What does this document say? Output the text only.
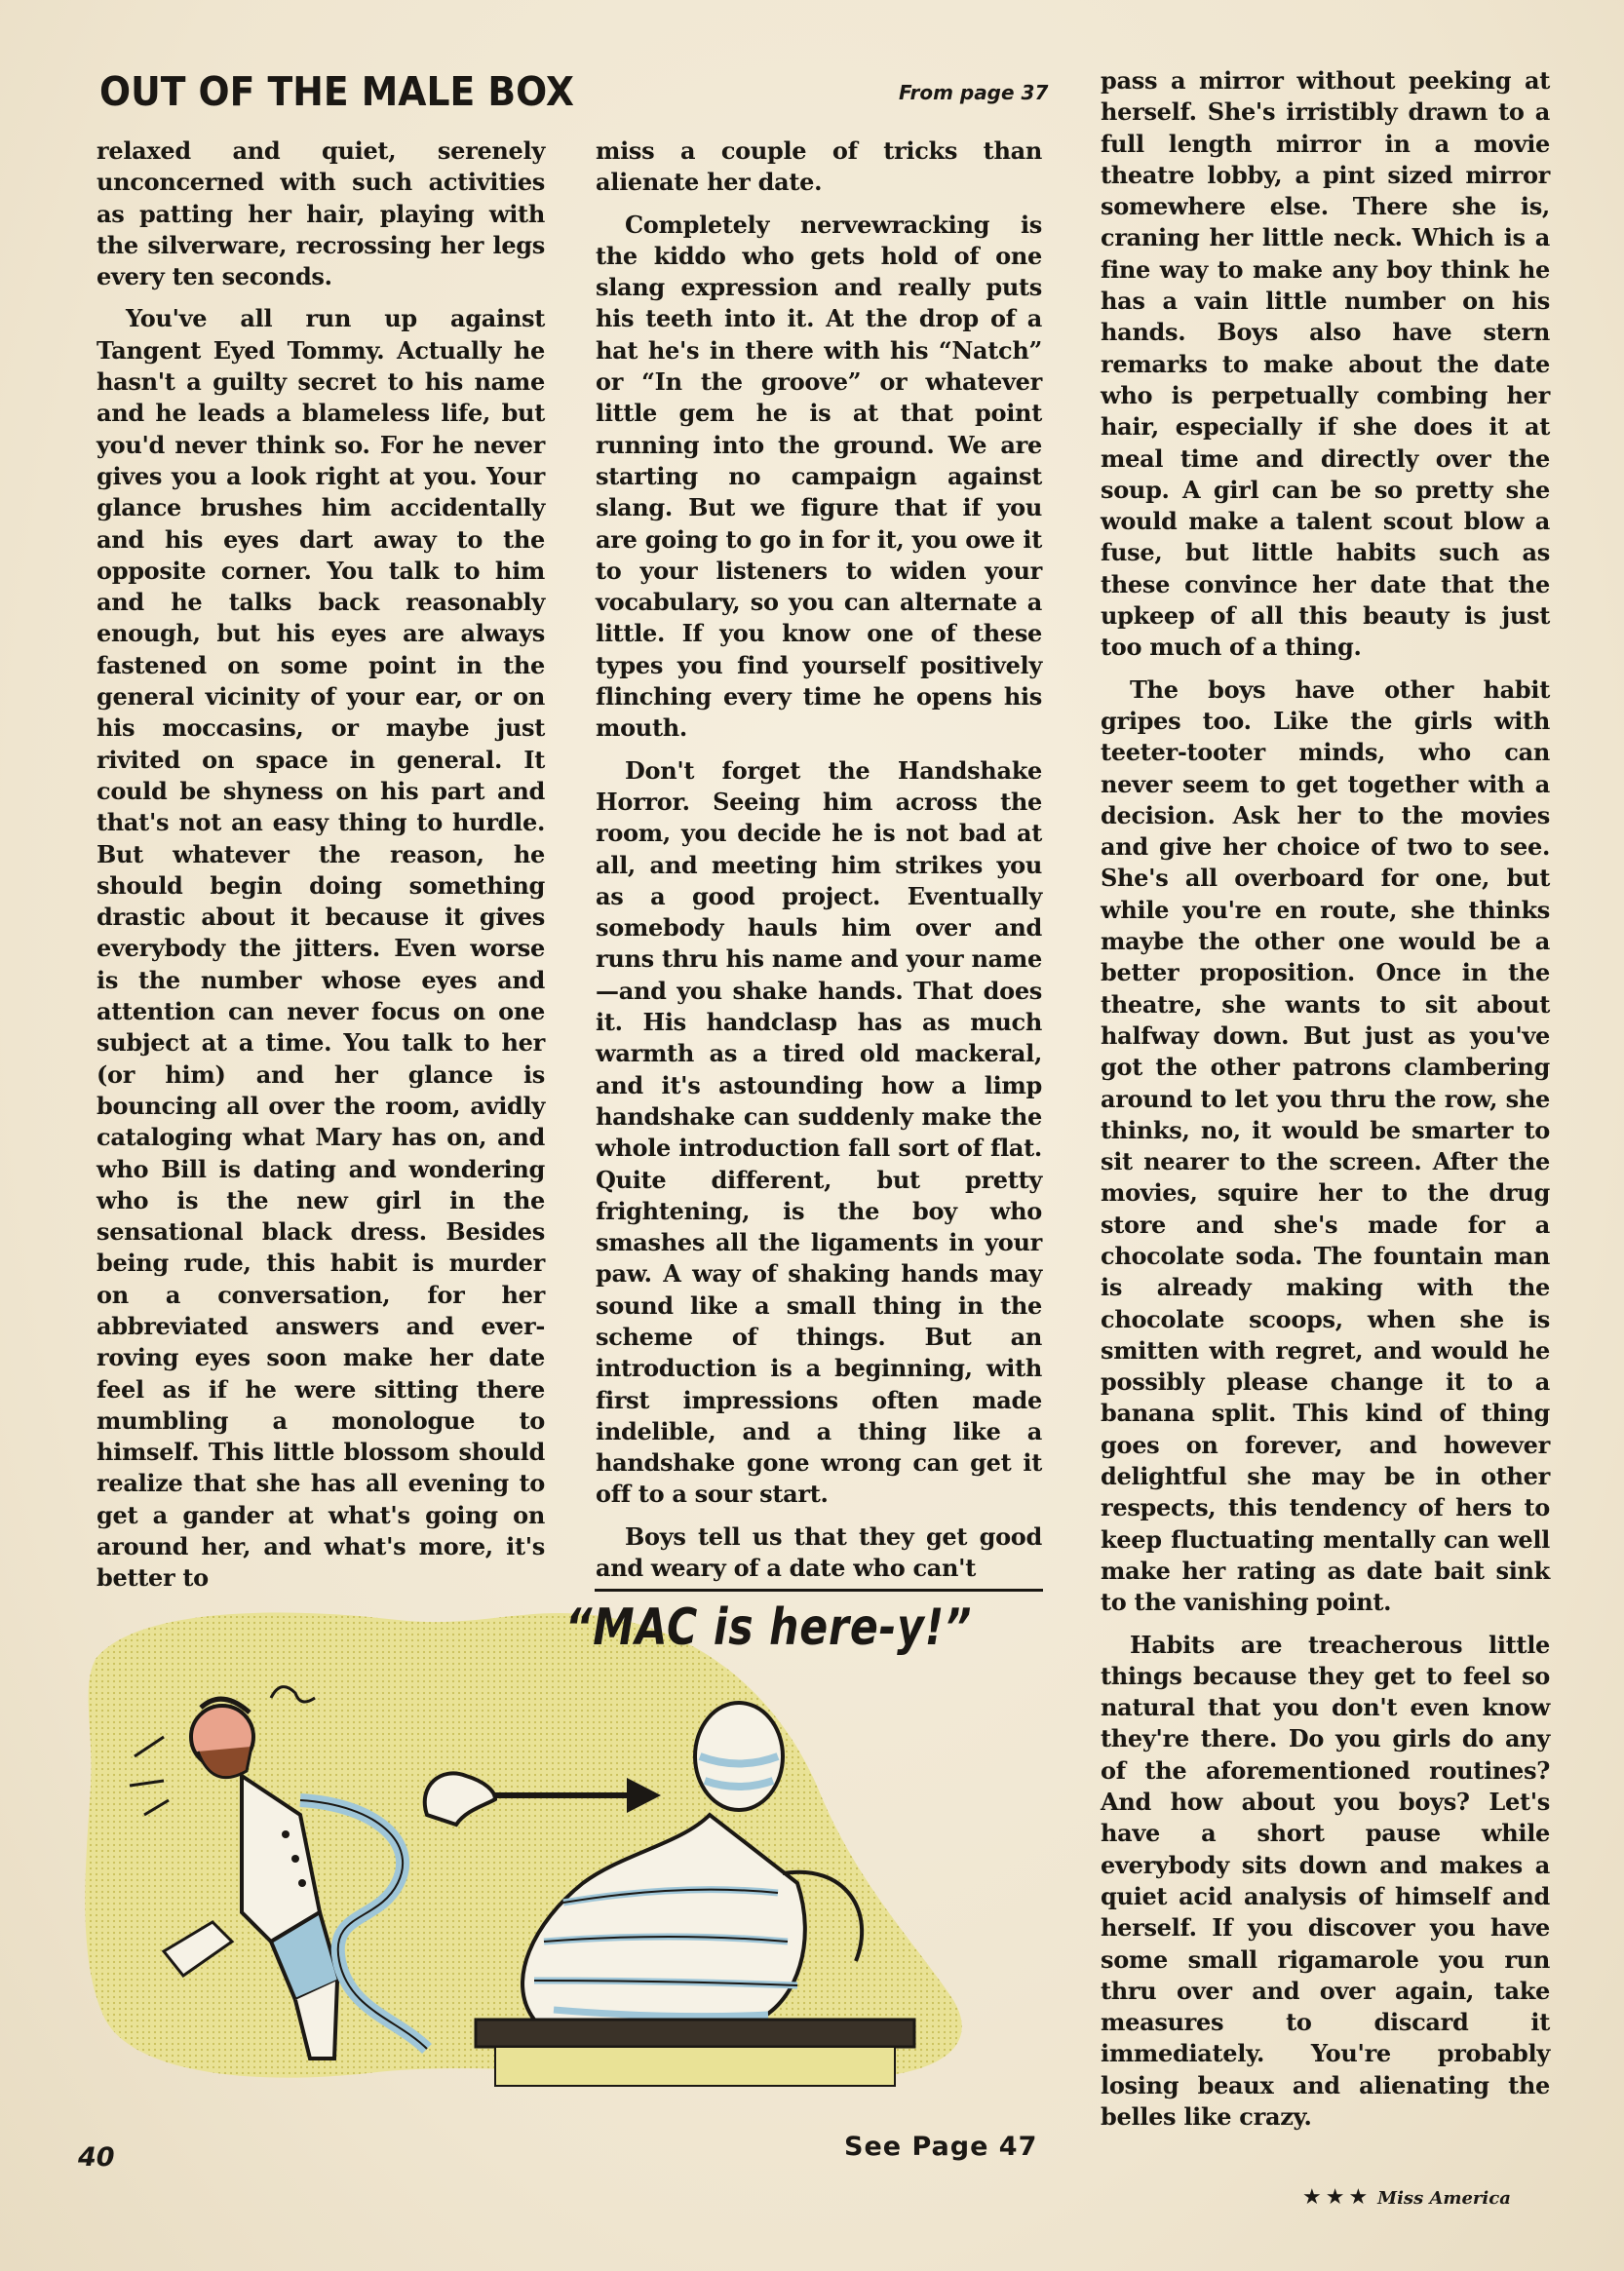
OUT OF THE MALE BOX	From page 37

relaxed and quiet, serenely unconcerned with such activities as patting her hair, playing with the silverware, recrossing her legs every ten seconds.

You've all run up against Tangent Eyed Tommy. Actually he hasn't a guilty secret to his name and he leads a blameless life, but you'd never think so. For he never gives you a look right at you. Your glance brushes him accidentally and his eyes dart away to the opposite corner. You talk to him and he talks back reasonably enough, but his eyes are always fastened on some point in the general vicinity of your ear, or on his moccasins, or maybe just rivited on space in general. It could be shyness on his part and that's not an easy thing to hurdle. But whatever the reason, he should begin doing something drastic about it because it gives everybody the jitters. Even worse is the number whose eyes and attention can never focus on one subject at a time. You talk to her (or him) and her glance is bouncing all over the room, avidly cataloging what Mary has on, and who Bill is dating and wondering who is the new girl in the sensational black dress. Besides being rude, this habit is murder on a conversation, for her abbreviated answers and ever-roving eyes soon make her date feel as if he were sitting there mumbling a monologue to himself. This little blossom should realize that she has all evening to get a gander at what's going on around her, and what's more, it's better to

miss a couple of tricks than alienate her date.

Completely nervewracking is the kiddo who gets hold of one slang expression and really puts his teeth into it. At the drop of a hat he's in there with his “Natch” or “In the groove” or whatever little gem he is at that point running into the ground. We are starting no campaign against slang. But we figure that if you are going to go in for it, you owe it to your listeners to widen your vocabulary, so you can alternate a little. If you know one of these types you find yourself positively flinching every time he opens his mouth.

Don't forget the Handshake Horror. Seeing him across the room, you decide he is not bad at all, and meeting him strikes you as a good project. Eventually somebody hauls him over and runs thru his name and your name—and you shake hands. That does it. His handclasp has as much warmth as a tired old mackeral, and it's astounding how a limp handshake can suddenly make the whole introduction fall sort of flat. Quite different, but pretty frightening, is the boy who smashes all the ligaments in your paw. A way of shaking hands may sound like a small thing in the scheme of things. But an introduction is a beginning, with first impressions often made indelible, and a thing like a handshake gone wrong can get it off to a sour start.

Boys tell us that they get good and weary of a date who can't

pass a mirror without peeking at herself. She's irristibly drawn to a full length mirror in a movie theatre lobby, a pint sized mirror somewhere else. There she is, craning her little neck. Which is a fine way to make any boy think he has a vain little number on his hands. Boys also have stern remarks to make about the date who is perpetually combing her hair, especially if she does it at meal time and directly over the soup. A girl can be so pretty she would make a talent scout blow a fuse, but little habits such as these convince her date that the upkeep of all this beauty is just too much of a thing.

The boys have other habit gripes too. Like the girls with teeter-tooter minds, who can never seem to get together with a decision. Ask her to the movies and give her choice of two to see. She's all overboard for one, but while you're en route, she thinks maybe the other one would be a better proposition. Once in the theatre, she wants to sit about halfway down. But just as you've got the other patrons clambering around to let you thru the row, she thinks, no, it would be smarter to sit nearer to the screen. After the movies, squire her to the drug store and she's made for a chocolate soda. The fountain man is already making with the chocolate scoops, when she is smitten with regret, and would he possibly please change it to a banana split. This kind of thing goes on forever, and however delightful she may be in other respects, this tendency of hers to keep fluctuating mentally can well make her rating as date bait sink to the vanishing point.

Habits are treacherous little things because they get to feel so natural that you don't even know they're there. Do you girls do any of the aforementioned routines? And how about you boys? Let's have a short pause while everybody sits down and makes a quiet acid analysis of himself and herself. If you discover you have some small rigamarole you run thru over and over again, take measures to discard it immediately. You're probably losing beaux and alienating the belles like crazy.

“MAC is here-y!”
See Page 47
40
★★★ Miss America
